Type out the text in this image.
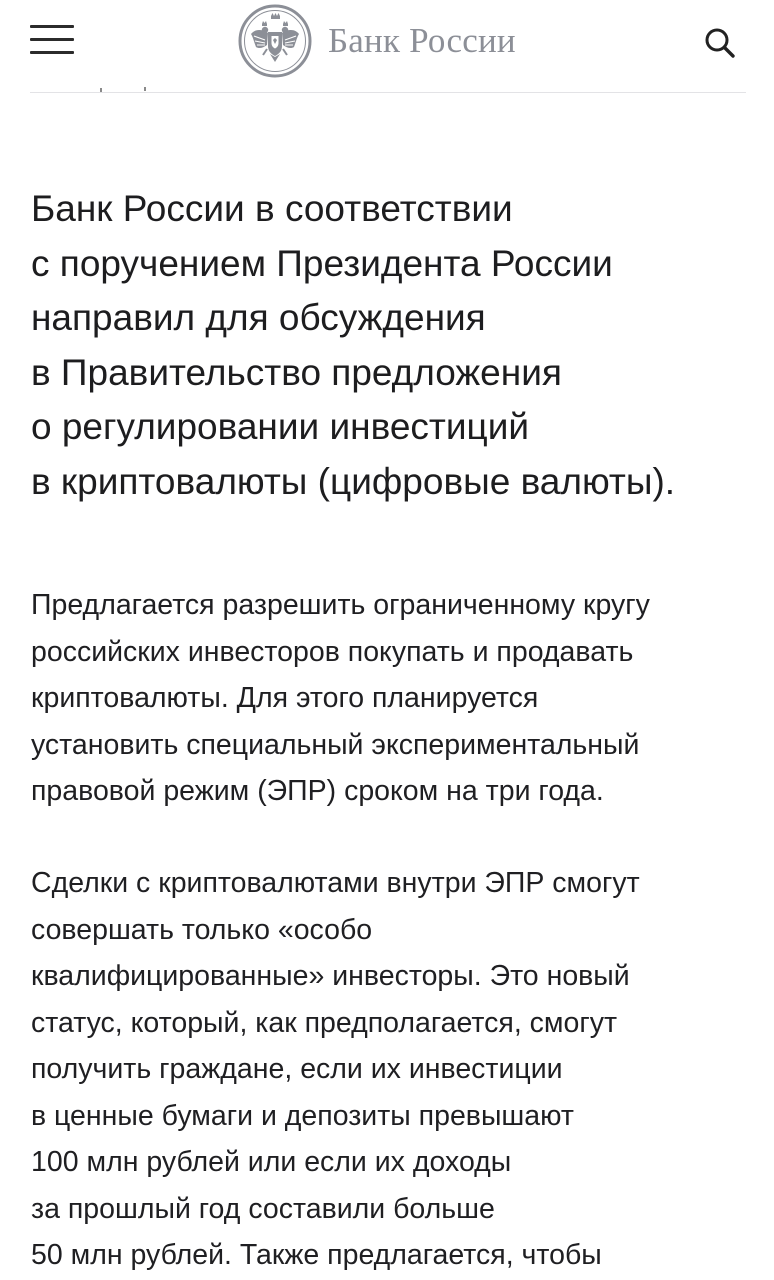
Банк России
Банк России в соответствии
с поручением Президента России
направил для обсуждения
в Правительство предложения
о регулировании инвестиций
в криптовалюты (цифровые валюты).
Предлагается разрешить ограниченному кругу
российских инвесторов покупать и продавать
криптовалюты. Для этого планируется
установить специальный экспериментальный
правовой режим (ЭПР) сроком на три года.
Сделки с криптовалютами внутри ЭПР смогут
совершать только «особо
квалифицированные» инвесторы. Это новый
статус, который, как предполагается, смогут
получить граждане, если их инвестиции
в ценные бумаги и депозиты превышают
100 млн рублей или если их доходы
за прошлый год составили больше
50 млн рублей. Также предлагается, чтобы
